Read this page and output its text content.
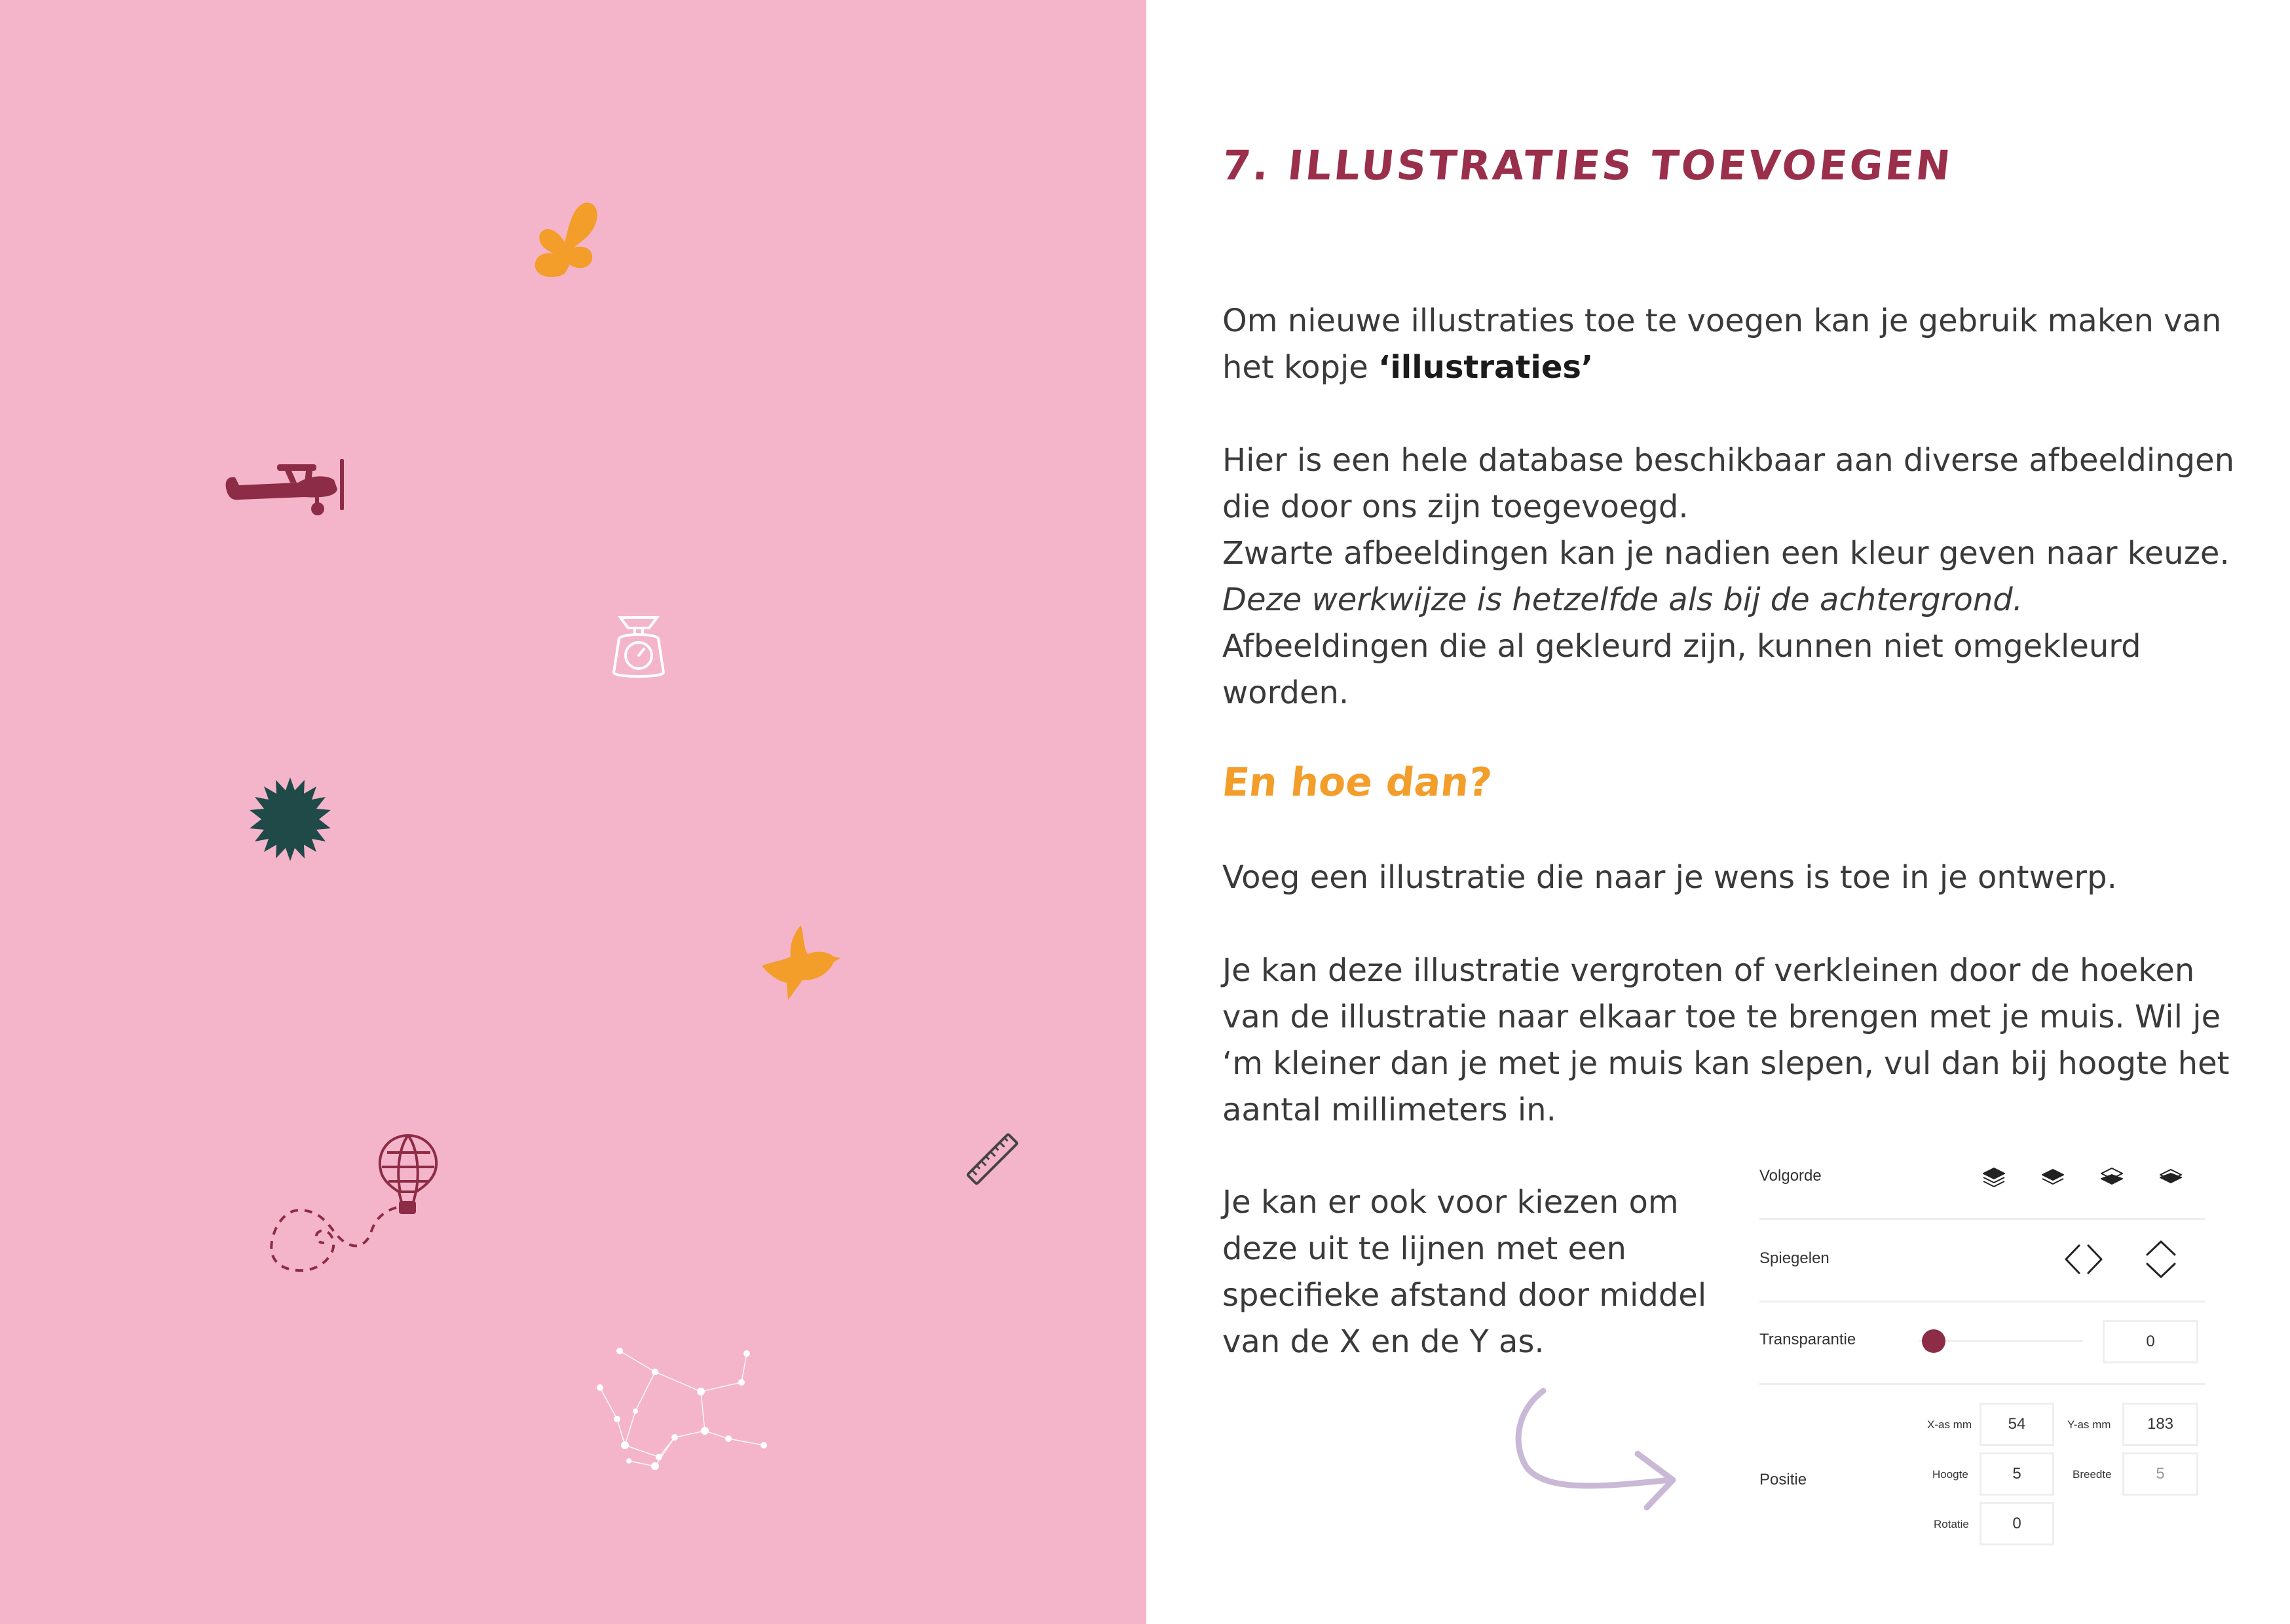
7. ILLUSTRATIES TOEVOEGEN

Om nieuwe illustraties toe te voegen kan je gebruik maken van het kopje ‘illustraties’

Hier is een hele database beschikbaar aan diverse afbeeldingen die door ons zijn toegevoegd.
Zwarte afbeeldingen kan je nadien een kleur geven naar keuze. Deze werkwijze is hetzelfde als bij de achtergrond.
Afbeeldingen die al gekleurd zijn, kunnen niet omgekleurd worden.

En hoe dan?

Voeg een illustratie die naar je wens is toe in je ontwerp.

Je kan deze illustratie vergroten of verkleinen door de hoeken van de illustratie naar elkaar toe te brengen met je muis. Wil je ‘m kleiner dan je met je muis kan slepen, vul dan bij hoogte het aantal millimeters in.

Je kan er ook voor kiezen om deze uit te lijnen met een specifieke afstand door middel van de X en de Y as.

Volgorde
Spiegelen
Transparantie	0
Positie
X-as mm	54	Y-as mm	183
Hoogte	5	Breedte	5
Rotatie	0
